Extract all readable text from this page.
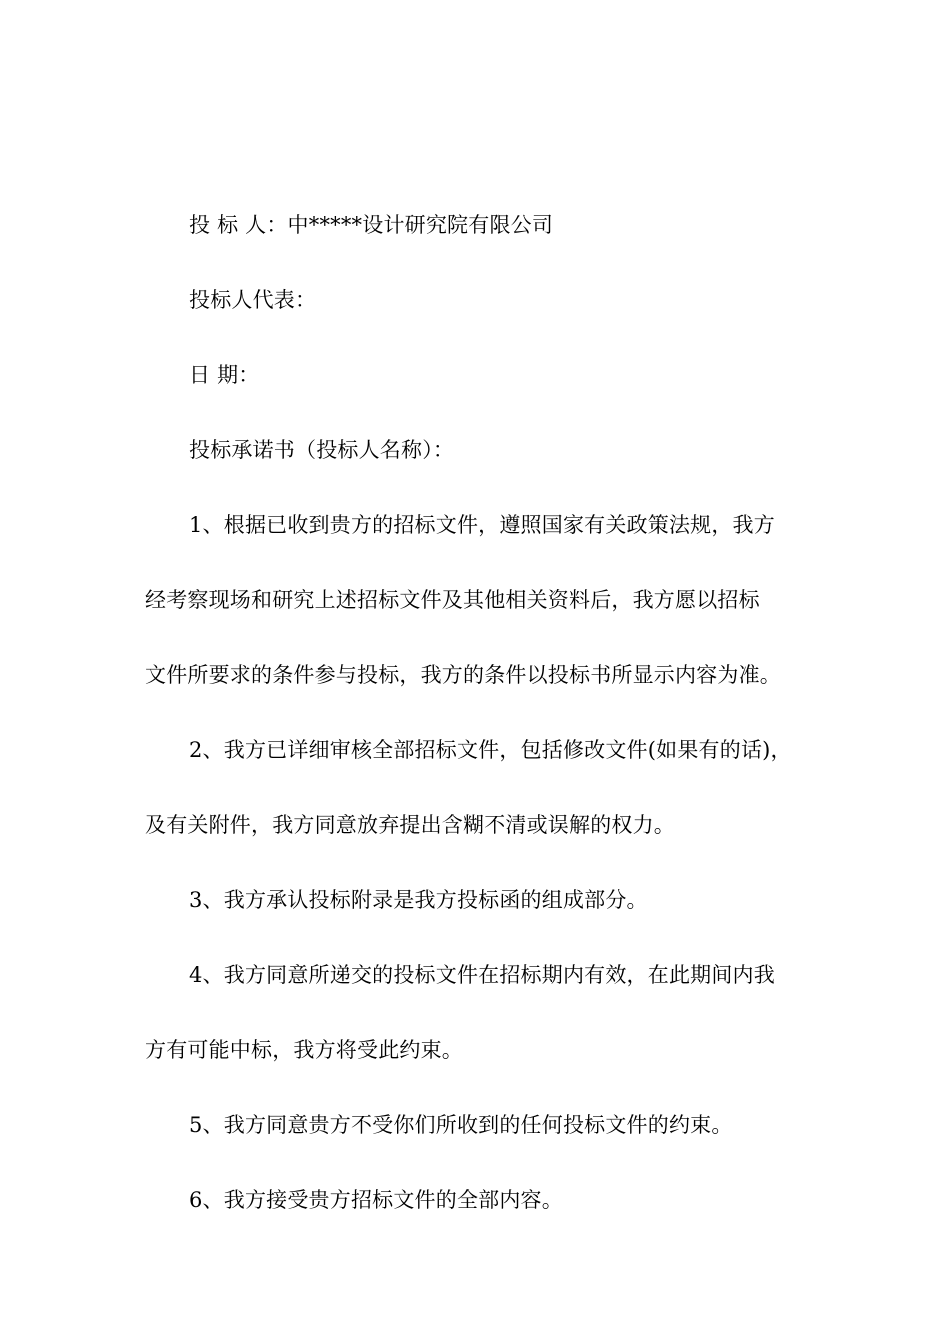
投 标 人：中*****设计研究院有限公司
投标人代表：
日 期：
投标承诺书（投标人名称）：
1、根据已收到贵方的招标文件，遵照国家有关政策法规，我方
经考察现场和研究上述招标文件及其他相关资料后，我方愿以招标
文件所要求的条件参与投标，我方的条件以投标书所显示内容为准。
2、我方已详细审核全部招标文件，包括修改文件(如果有的话)，
及有关附件，我方同意放弃提出含糊不清或误解的权力。
3、我方承认投标附录是我方投标函的组成部分。
4、我方同意所递交的投标文件在招标期内有效，在此期间内我
方有可能中标，我方将受此约束。
5、我方同意贵方不受你们所收到的任何投标文件的约束。
6、我方接受贵方招标文件的全部内容。
